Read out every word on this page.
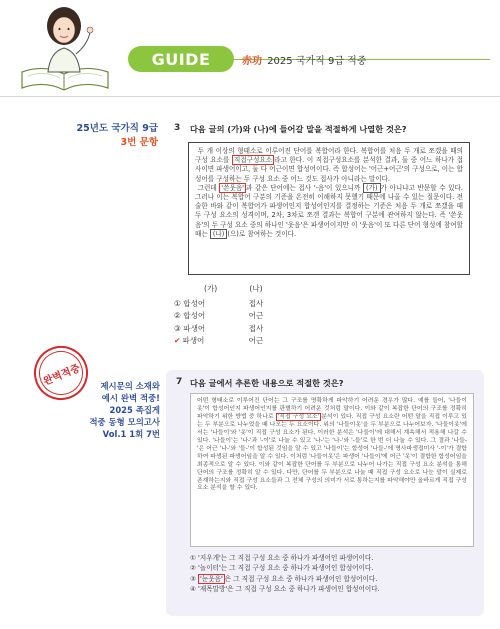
GUIDE	赤功 2025 국가직 9급 적중
25년도 국가직 9급
3번 문항
3 다음 글의 (가)와 (나)에 들어갈 말을 적절하게 나열한 것은?

두 개 이상의 형태소로 이루어진 단어를 복합어라 한다. 복합어를 처음 두 개로 쪼갰을 때의 구성 요소를 직접구성요소 라고 한다. 이 직접구성요소를 분석한 결과, 둘 중 어느 하나가 접사이면 파생어이고, 둘 다 어근이면 합성어이다. 즉 합성어는 '어근+어근'의 구성으로, 이는 합성어를 구성하는 두 구성 요소 중 어느 것도 접사가 아니라는 말이다.

그런데 '쓴웃음' 과 같은 단어에는 접사 '-음'이 있으니까 (가) 가 아니냐고 반문할 수 있다. 그러나 이는 복합어 구분의 기준을 온전히 이해하지 못했기 때문에 나올 수 있는 질문이다. 전술한 바와 같이 복합어가 파생어인지 합성어인지를 결정하는 기준은 처음 두 개로 쪼갰을 때 두 구성 요소의 성격이며, 2차, 3차로 쪼갠 결과는 복합어 구분에 관여하지 않는다. 즉 '쓴웃음'의 두 구성 요소 중의 하나인 '웃음'은 파생어이지만 이 '웃음'이 또 다른 단어 형성에 참여할 때는 (나) (으)로 참여하는 것이다.

(가)	(나)
① 합성어	접사
② 합성어	어근
③ 파생어	접사
✔ 파생어	어근
완벽적중	제시문의 소재와
예시 완벽 적중!
2025 족집게
적중 동형 모의고사
Vol.1 1회 7번
7 다음 글에서 추론한 내용으로 적절한 것은?
어떤 형태소로 이루어진 단어는 그 구조를 명확하게 파악하기 어려운 경우가 많다. 예를 들어, '나들이옷'이 합성어인지 파생어인지를 판별하기 어려운 것처럼 말이다. 이와 같이 복잡한 단어의 구조를 정확히 파악하기 위한 방법 중 하나로 '직접 구성 요소' 분석이 있다. 직접 구성 요소란 어떤 말을 직접 이루고 있는 두 부분으로 나누었을 때 나오는 두 요소이다. 위의 '나들이옷'을 두 부분으로 나누어보자. '나들이옷'에서는 '나들이'와 '옷'이 직접 구성 요소가 된다. 이러한 분석은 '나들이'에 대해서 계속해서 적용해 나갈 수 있다. '나들이'는 '나-'과 '-이'로 나눌 수 있고 '나-'는 '나-'와 '-들'로 한 번 더 나눌 수 있다. 그 결과 '나들-'은 어근 '나-'와 '들-'이 합성된 것임을 알 수 있고 '나들이'는 합성어 '나들-'에 명사파생접미사 '-이'가 결합하여 파생된 파생어임을 알 수 있다. 이처럼 '나들이옷'은 파생어 '나들이'에 어근 '옷'이 결합한 합성어임을 최종적으로 알 수 있다. 이와 같이 복잡한 단어를 두 부분으로 나누어 나가는 직접 구성 요소 분석을 통해 단어의 구조를 정확히 알 수 있다. 다만, 단어를 두 부분으로 나눌 때 직접 구성 요소로 나눈 말이 실제로 존재하는지와 직접 구성 요소들과 그 전체 구성의 의미가 서로 통하는지를 파악해야만 올바르게 직접 구성 요소 분석을 할 수 있다.
① '지우개'는 그 직접 구성 요소 중 하나가 파생어인 파생어이다.
② '놀이터'는 그 직접 구성 요소 중 하나가 파생어인 합성어이다.
③ '눈웃음' 은 그 직접 구성 요소 중 하나가 파생어인 합성어이다.
④ '재목말방'은 그 직접 구성 요소 중 하나가 파생어인 합성어이다.
